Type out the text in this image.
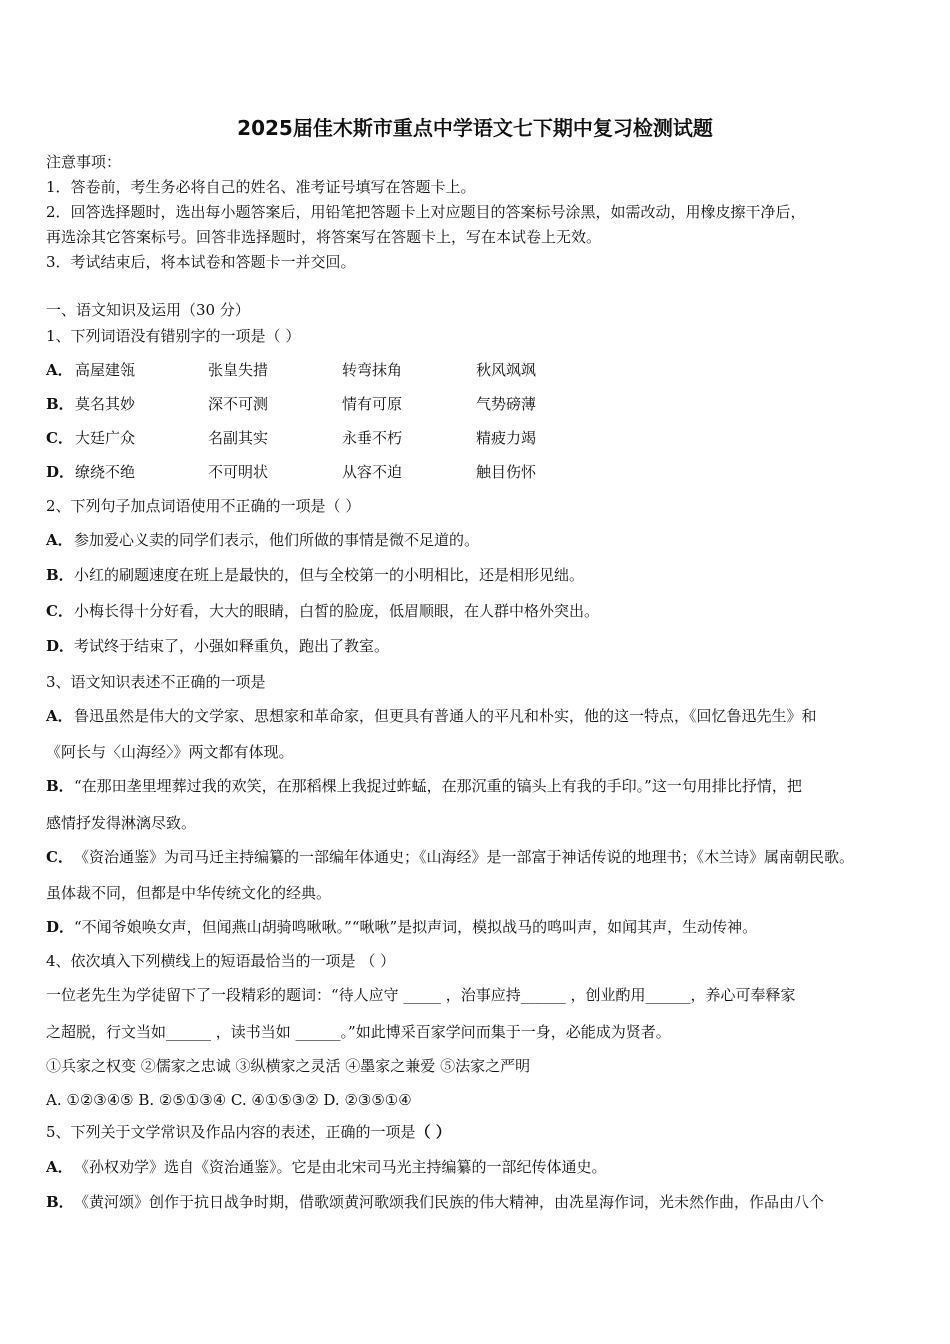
2025届佳木斯市重点中学语文七下期中复习检测试题
注意事项：
1．答卷前，考生务必将自己的姓名、准考证号填写在答题卡上。
2．回答选择题时，选出每小题答案后，用铅笔把答题卡上对应题目的答案标号涂黑，如需改动，用橡皮擦干净后，
再选涂其它答案标号。回答非选择题时，将答案写在答题卡上，写在本试卷上无效。
3．考试结束后，将本试卷和答题卡一并交回。
一、语文知识及运用（30 分）
1、下列词语没有错别字的一项是（ ）
A． 高屋建瓴	张皇失措	转弯抹角	秋风飒飒
B． 莫名其妙	深不可测	情有可原	气势磅薄
C． 大廷广众	名副其实	永垂不朽	精疲力竭
D． 缭绕不绝	不可明状	从容不迫	触目伤怀
2、下列句子加点词语使用不正确的一项是（ ）
A．参加爱心义卖的同学们表示，他们所做的事情是微不足道的。
B．小红的刷题速度在班上是最快的，但与全校第一的小明相比，还是相形见绌。
C．小梅长得十分好看，大大的眼睛，白皙的脸庞，低眉顺眼，在人群中格外突出。
D．考试终于结束了，小强如释重负，跑出了教室。
3、语文知识表述不正确的一项是
A．鲁迅虽然是伟大的文学家、思想家和革命家，但更具有普通人的平凡和朴实，他的这一特点，《回忆鲁迅先生》和
《阿长与〈山海经〉》两文都有体现。
B．“在那田垄里埋葬过我的欢笑，在那稻棵上我捉过蚱蜢，在那沉重的镐头上有我的手印。”这一句用排比抒情，把
感情抒发得淋漓尽致。
C．《资治通鉴》为司马迁主持编纂的一部编年体通史；《山海经》是一部富于神话传说的地理书；《木兰诗》属南朝民歌。
虽体裁不同，但都是中华传统文化的经典。
D．“不闻爷娘唤女声，但闻燕山胡骑鸣啾啾。”“啾啾”是拟声词，模拟战马的鸣叫声，如闻其声，生动传神。
4、依次填入下列横线上的短语最恰当的一项是 （ ）
一位老先生为学徒留下了一段精彩的题词：“待人应守 _____ ，治事应持______ ，创业酌用______，养心可奉释家
之超脱，行文当如______ ，读书当如 ______。”如此博采百家学问而集于一身，必能成为贤者。
①兵家之权变 ②儒家之忠诚 ③纵横家之灵活 ④墨家之兼爱 ⑤法家之严明
A. ①②③④⑤ B. ②⑤①③④ C. ④①⑤③② D. ②③⑤①④
5、下列关于文学常识及作品内容的表述，正确的一项是（ ）
A．《孙权劝学》选自《资治通鉴》。它是由北宋司马光主持编纂的一部纪传体通史。
B．《黄河颂》创作于抗日战争时期，借歌颂黄河歌颂我们民族的伟大精神，由冼星海作词，光未然作曲，作品由八个
